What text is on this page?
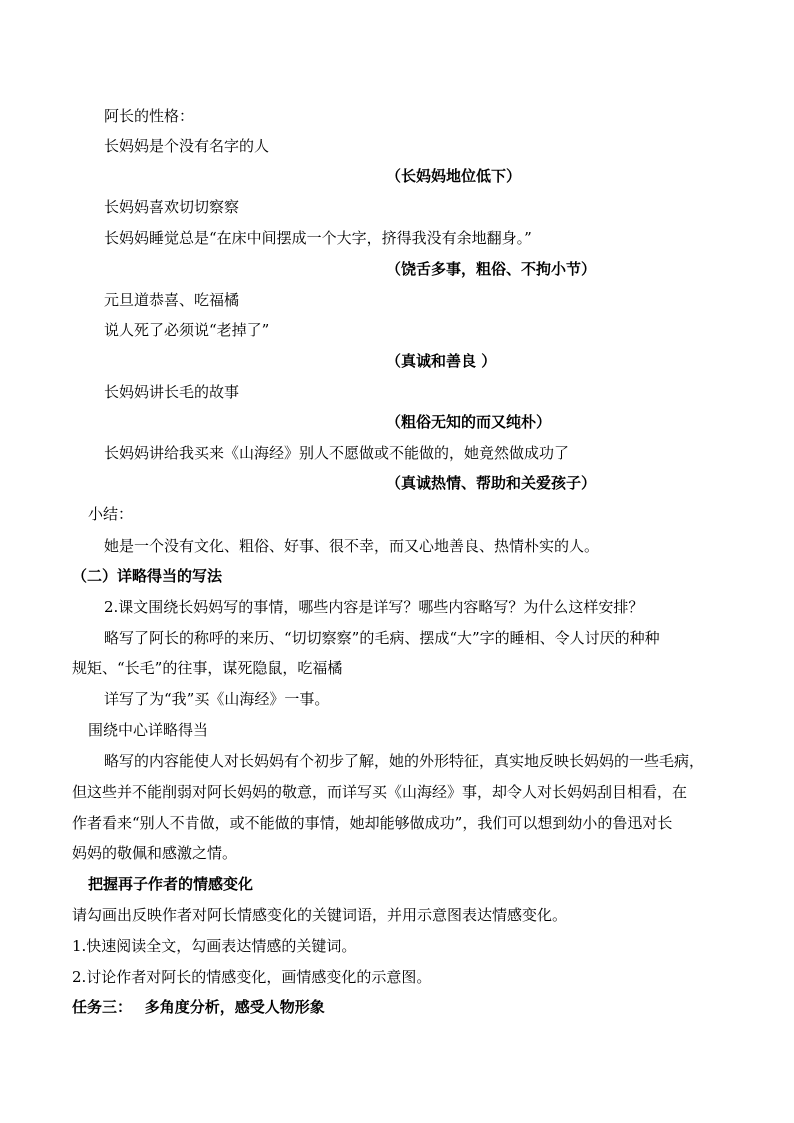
阿长的性格：
长妈妈是个没有名字的人
（长妈妈地位低下）
长妈妈喜欢切切察察
长妈妈睡觉总是“在床中间摆成一个大字，挤得我没有余地翻身。”
（饶舌多事，粗俗、不拘小节）
元旦道恭喜、吃福橘
说人死了必须说“老掉了”
（真诚和善良 ）
长妈妈讲长毛的故事
（粗俗无知的而又纯朴）
长妈妈讲给我买来《山海经》别人不愿做或不能做的，她竟然做成功了
（真诚热情、帮助和关爱孩子）
小结：
她是一个没有文化、粗俗、好事、很不幸，而又心地善良、热情朴实的人。
（二）详略得当的写法
2.课文围绕长妈妈写的事情，哪些内容是详写？哪些内容略写？为什么这样安排？
略写了阿长的称呼的来历、“切切察察”的毛病、摆成“大”字的睡相、令人讨厌的种种
规矩、“长毛”的往事，谋死隐鼠，吃福橘
详写了为“我”买《山海经》一事。
围绕中心详略得当
略写的内容能使人对长妈妈有个初步了解，她的外形特征，真实地反映长妈妈的一些毛病，
但这些并不能削弱对阿长妈妈的敬意，而详写买《山海经》事，却令人对长妈妈刮目相看，在
作者看来“别人不肯做，或不能做的事情，她却能够做成功”，我们可以想到幼小的鲁迅对长
妈妈的敬佩和感激之情。
把握再子作者的情感变化
请勾画出反映作者对阿长情感变化的关键词语，并用示意图表达情感变化。
1.快速阅读全文，勾画表达情感的关键词。
2.讨论作者对阿长的情感变化，画情感变化的示意图。
任务三：　 多角度分析，感受人物形象
